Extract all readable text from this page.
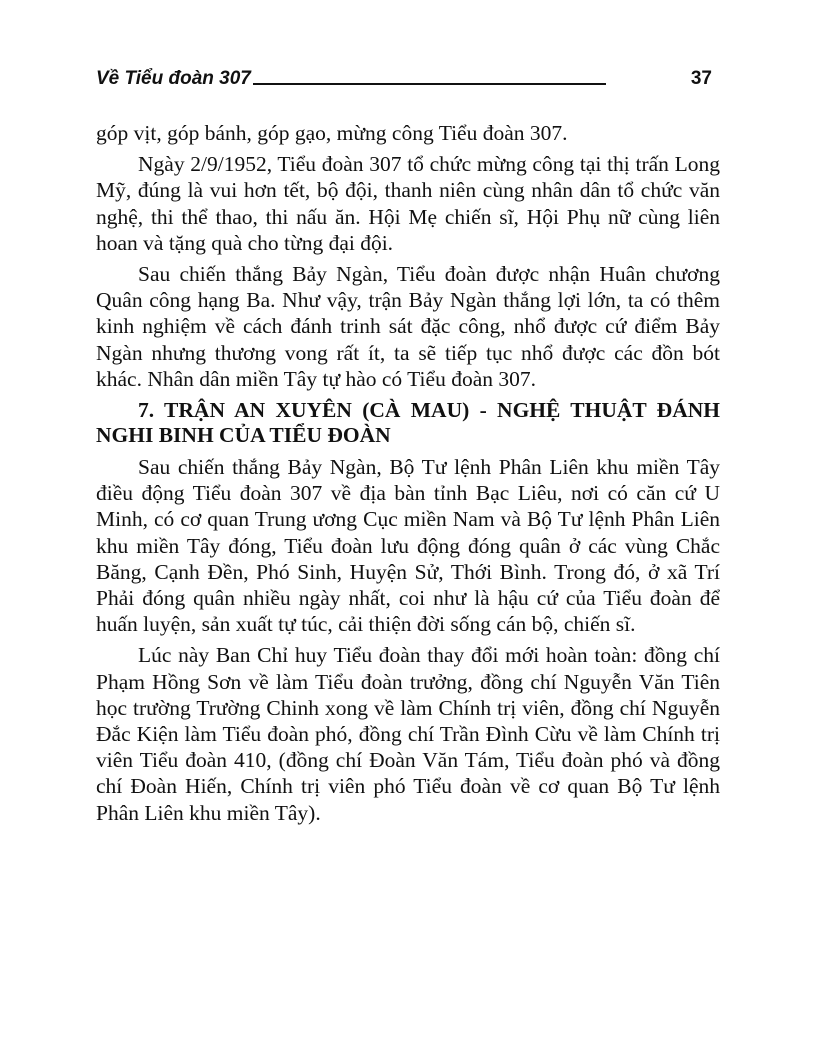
Về Tiểu đoàn 307	37

góp vịt, góp bánh, góp gạo, mừng công Tiểu đoàn 307.

Ngày 2/9/1952, Tiểu đoàn 307 tổ chức mừng công tại thị trấn Long Mỹ, đúng là vui hơn tết, bộ đội, thanh niên cùng nhân dân tổ chức văn nghệ, thi thể thao, thi nấu ăn. Hội Mẹ chiến sĩ, Hội Phụ nữ cùng liên hoan và tặng quà cho từng đại đội.

Sau chiến thắng Bảy Ngàn, Tiểu đoàn được nhận Huân chương Quân công hạng Ba. Như vậy, trận Bảy Ngàn thắng lợi lớn, ta có thêm kinh nghiệm về cách đánh trinh sát đặc công, nhổ được cứ điểm Bảy Ngàn nhưng thương vong rất ít, ta sẽ tiếp tục nhổ được các đồn bót khác. Nhân dân miền Tây tự hào có Tiểu đoàn 307.

7. TRẬN AN XUYÊN (CÀ MAU) - NGHỆ THUẬT ĐÁNH NGHI BINH CỦA TIỂU ĐOÀN

Sau chiến thắng Bảy Ngàn, Bộ Tư lệnh Phân Liên khu miền Tây điều động Tiểu đoàn 307 về địa bàn tỉnh Bạc Liêu, nơi có căn cứ U Minh, có cơ quan Trung ương Cục miền Nam và Bộ Tư lệnh Phân Liên khu miền Tây đóng, Tiểu đoàn lưu động đóng quân ở các vùng Chắc Băng, Cạnh Đền, Phó Sinh, Huyện Sử, Thới Bình. Trong đó, ở xã Trí Phải đóng quân nhiều ngày nhất, coi như là hậu cứ của Tiểu đoàn để huấn luyện, sản xuất tự túc, cải thiện đời sống cán bộ, chiến sĩ.

Lúc này Ban Chỉ huy Tiểu đoàn thay đổi mới hoàn toàn: đồng chí Phạm Hồng Sơn về làm Tiểu đoàn trưởng, đồng chí Nguyễn Văn Tiên học trường Trường Chinh xong về làm Chính trị viên, đồng chí Nguyễn Đắc Kiện làm Tiểu đoàn phó, đồng chí Trần Đình Cừu về làm Chính trị viên Tiểu đoàn 410, (đồng chí Đoàn Văn Tám, Tiểu đoàn phó và đồng chí Đoàn Hiến, Chính trị viên phó Tiểu đoàn về cơ quan Bộ Tư lệnh Phân Liên khu miền Tây).
